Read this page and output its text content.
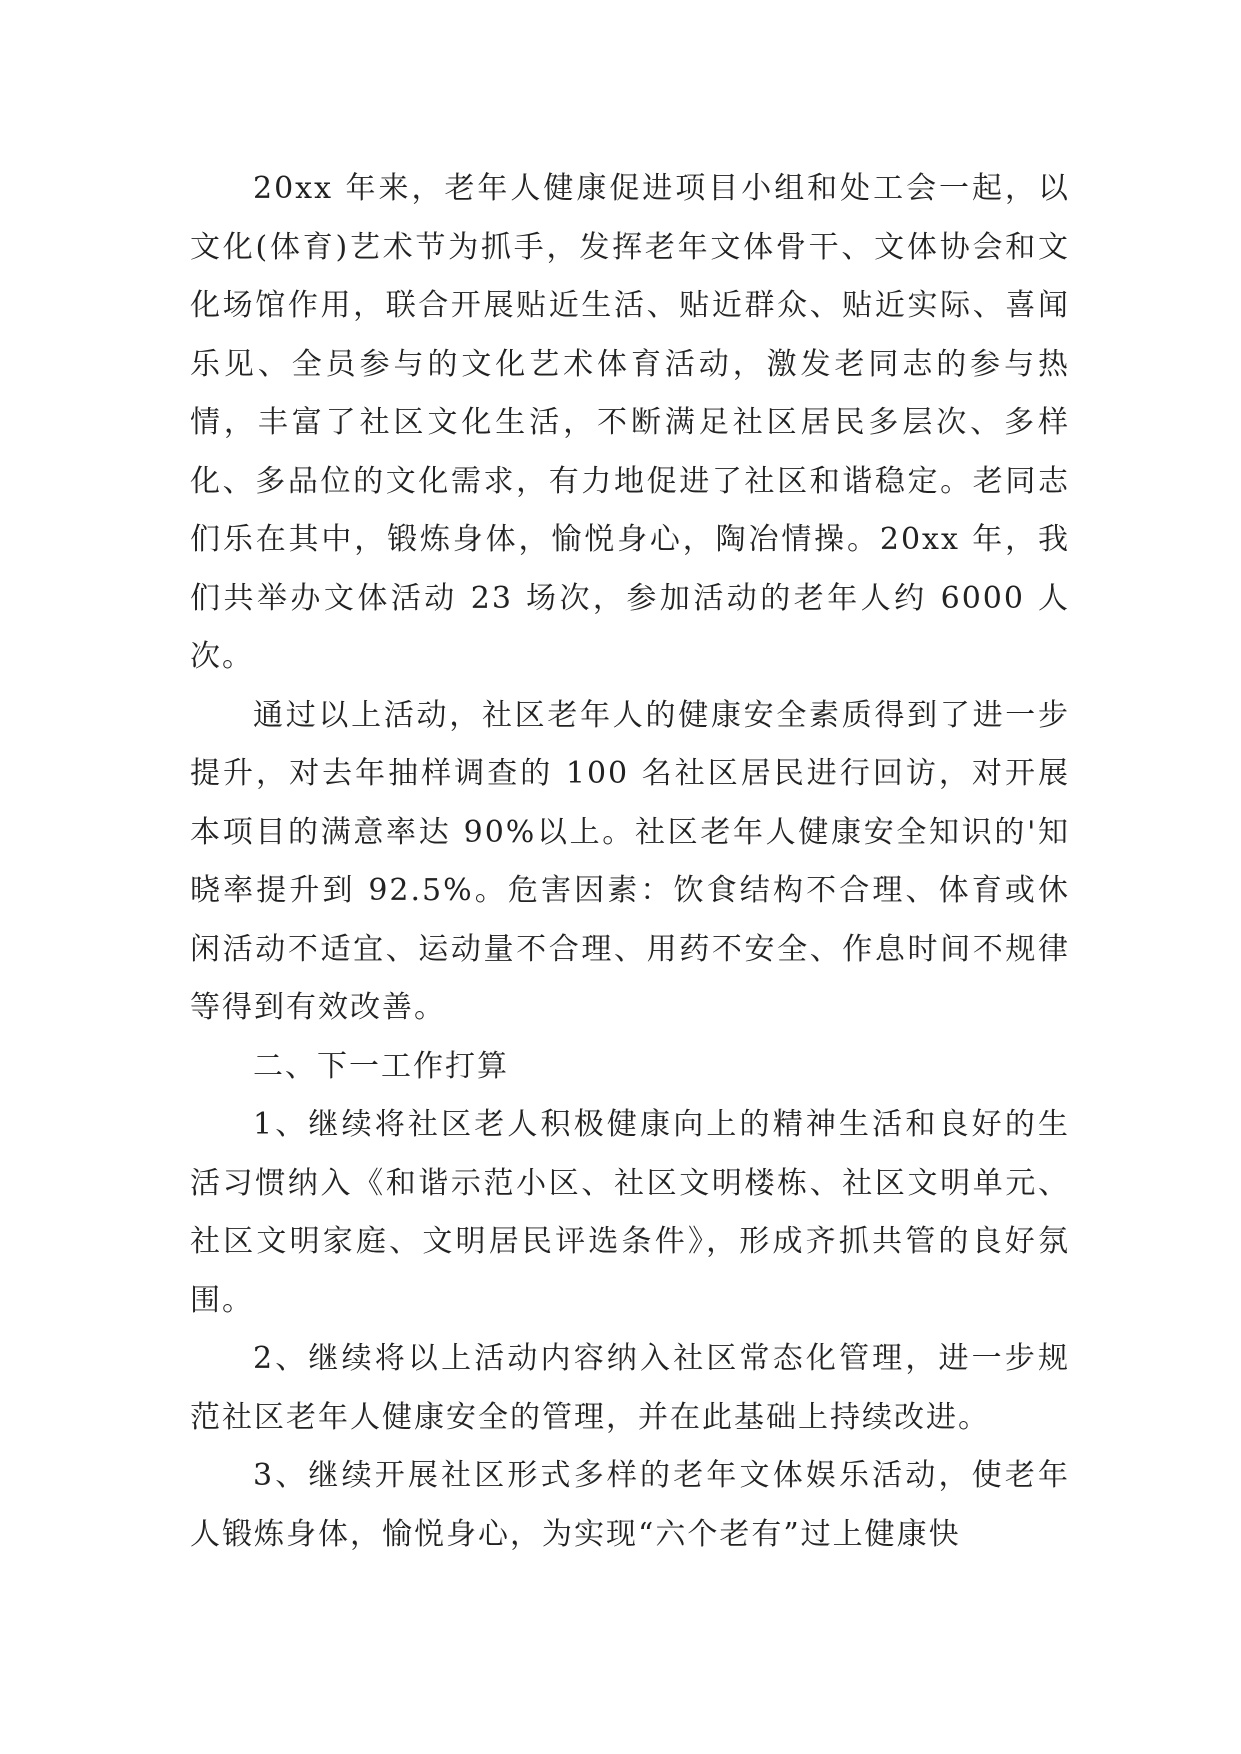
20xx 年来，老年人健康促进项目小组和处工会一起，以文化(体育)艺术节为抓手，发挥老年文体骨干、文体协会和文化场馆作用，联合开展贴近生活、贴近群众、贴近实际、喜闻乐见、全员参与的文化艺术体育活动，激发老同志的参与热情，丰富了社区文化生活，不断满足社区居民多层次、多样化、多品位的文化需求，有力地促进了社区和谐稳定。老同志们乐在其中，锻炼身体，愉悦身心，陶冶情操。20xx 年，我们共举办文体活动 23 场次，参加活动的老年人约 6000 人次。

通过以上活动，社区老年人的健康安全素质得到了进一步提升，对去年抽样调查的 100 名社区居民进行回访，对开展本项目的满意率达 90%以上。社区老年人健康安全知识的'知晓率提升到 92.5%。危害因素：饮食结构不合理、体育或休闲活动不适宜、运动量不合理、用药不安全、作息时间不规律等得到有效改善。

二、下一工作打算

1、继续将社区老人积极健康向上的精神生活和良好的生活习惯纳入《和谐示范小区、社区文明楼栋、社区文明单元、社区文明家庭、文明居民评选条件》，形成齐抓共管的良好氛围。

2、继续将以上活动内容纳入社区常态化管理，进一步规范社区老年人健康安全的管理，并在此基础上持续改进。

3、继续开展社区形式多样的老年文体娱乐活动，使老年人锻炼身体，愉悦身心，为实现“六个老有”过上健康快
